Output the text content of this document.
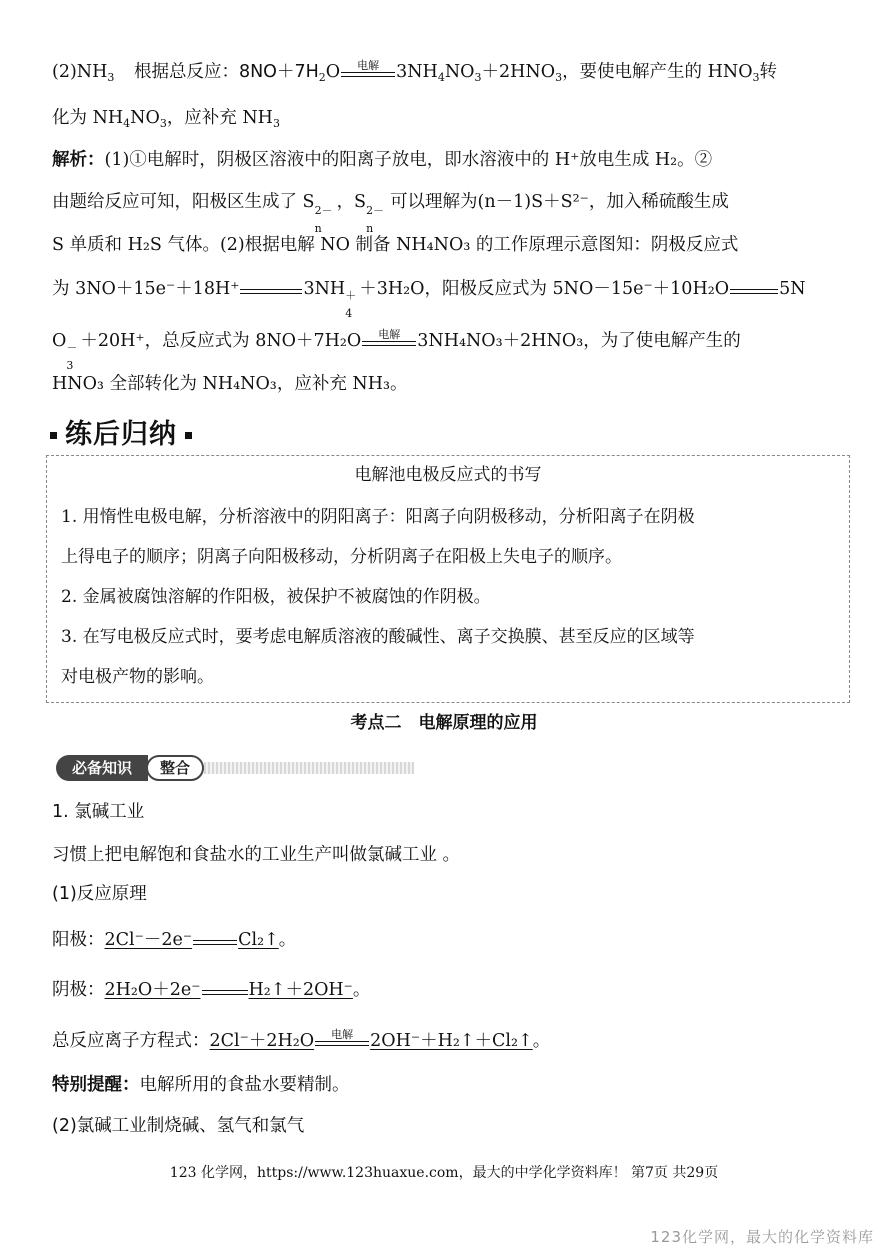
$(2)NH_3$ 根据总反应：$8NO+7H_2O$	电解 $3NH_4NO_3+2HNO_3$，要使电解产生的 $HNO_3$转
化为 $NH_4NO_3$，应补充 $NH_3$
解析：(1)①电解时，阴极区溶液中的阳离子放电，即水溶液中的 H⁺放电生成 H₂。②
由题给反应可知，阳极区生成了 S 2－
n
，S 2－
n
可以理解为(n－1)S＋S²⁻，加入稀硫酸生成
S 单质和 H₂S 气体。(2)根据电解 NO 制备 NH₄NO₃ 的工作原理示意图知：阴极反应式
为 3NO＋15e⁻＋18H⁺	3NH ＋
4
＋3H₂O，阳极反应式为 5NO－15e⁻＋10H₂O	5N
O －
3
＋20H⁺，总反应式为 8NO＋7H₂O	电解 3NH₄NO₃＋2HNO₃，为了使电解产生的
HNO₃ 全部转化为 NH₄NO₃，应补充 NH₃。
练后归纳
电解池电极反应式的书写
1. 用惰性电极电解，分析溶液中的阴阳离子：阳离子向阴极移动，分析阳离子在阴极
上得电子的顺序；阴离子向阳极移动，分析阴离子在阳极上失电子的顺序。
2. 金属被腐蚀溶解的作阳极，被保护不被腐蚀的作阴极。
3. 在写电极反应式时，要考虑电解质溶液的酸碱性、离子交换膜、甚至反应的区域等
对电极产物的影响。
考点二　电解原理的应用
必备知识	整合
1. 氯碱工业
习惯上把电解饱和食盐水的工业生产叫做氯碱工业 。
(1)反应原理
阳极：2Cl⁻－2e⁻	Cl₂↑。
阴极：2H₂O＋2e⁻	H₂↑＋2OH⁻。
总反应离子方程式：2Cl⁻＋2H₂O	电解 2OH⁻＋H₂↑＋Cl₂↑。
特别提醒：电解所用的食盐水要精制。
(2)氯碱工业制烧碱、氢气和氯气
123 化学网，https://www.123huaxue.com，最大的中学化学资料库！ 第7页 共29页
123化学网，最大的化学资料库
